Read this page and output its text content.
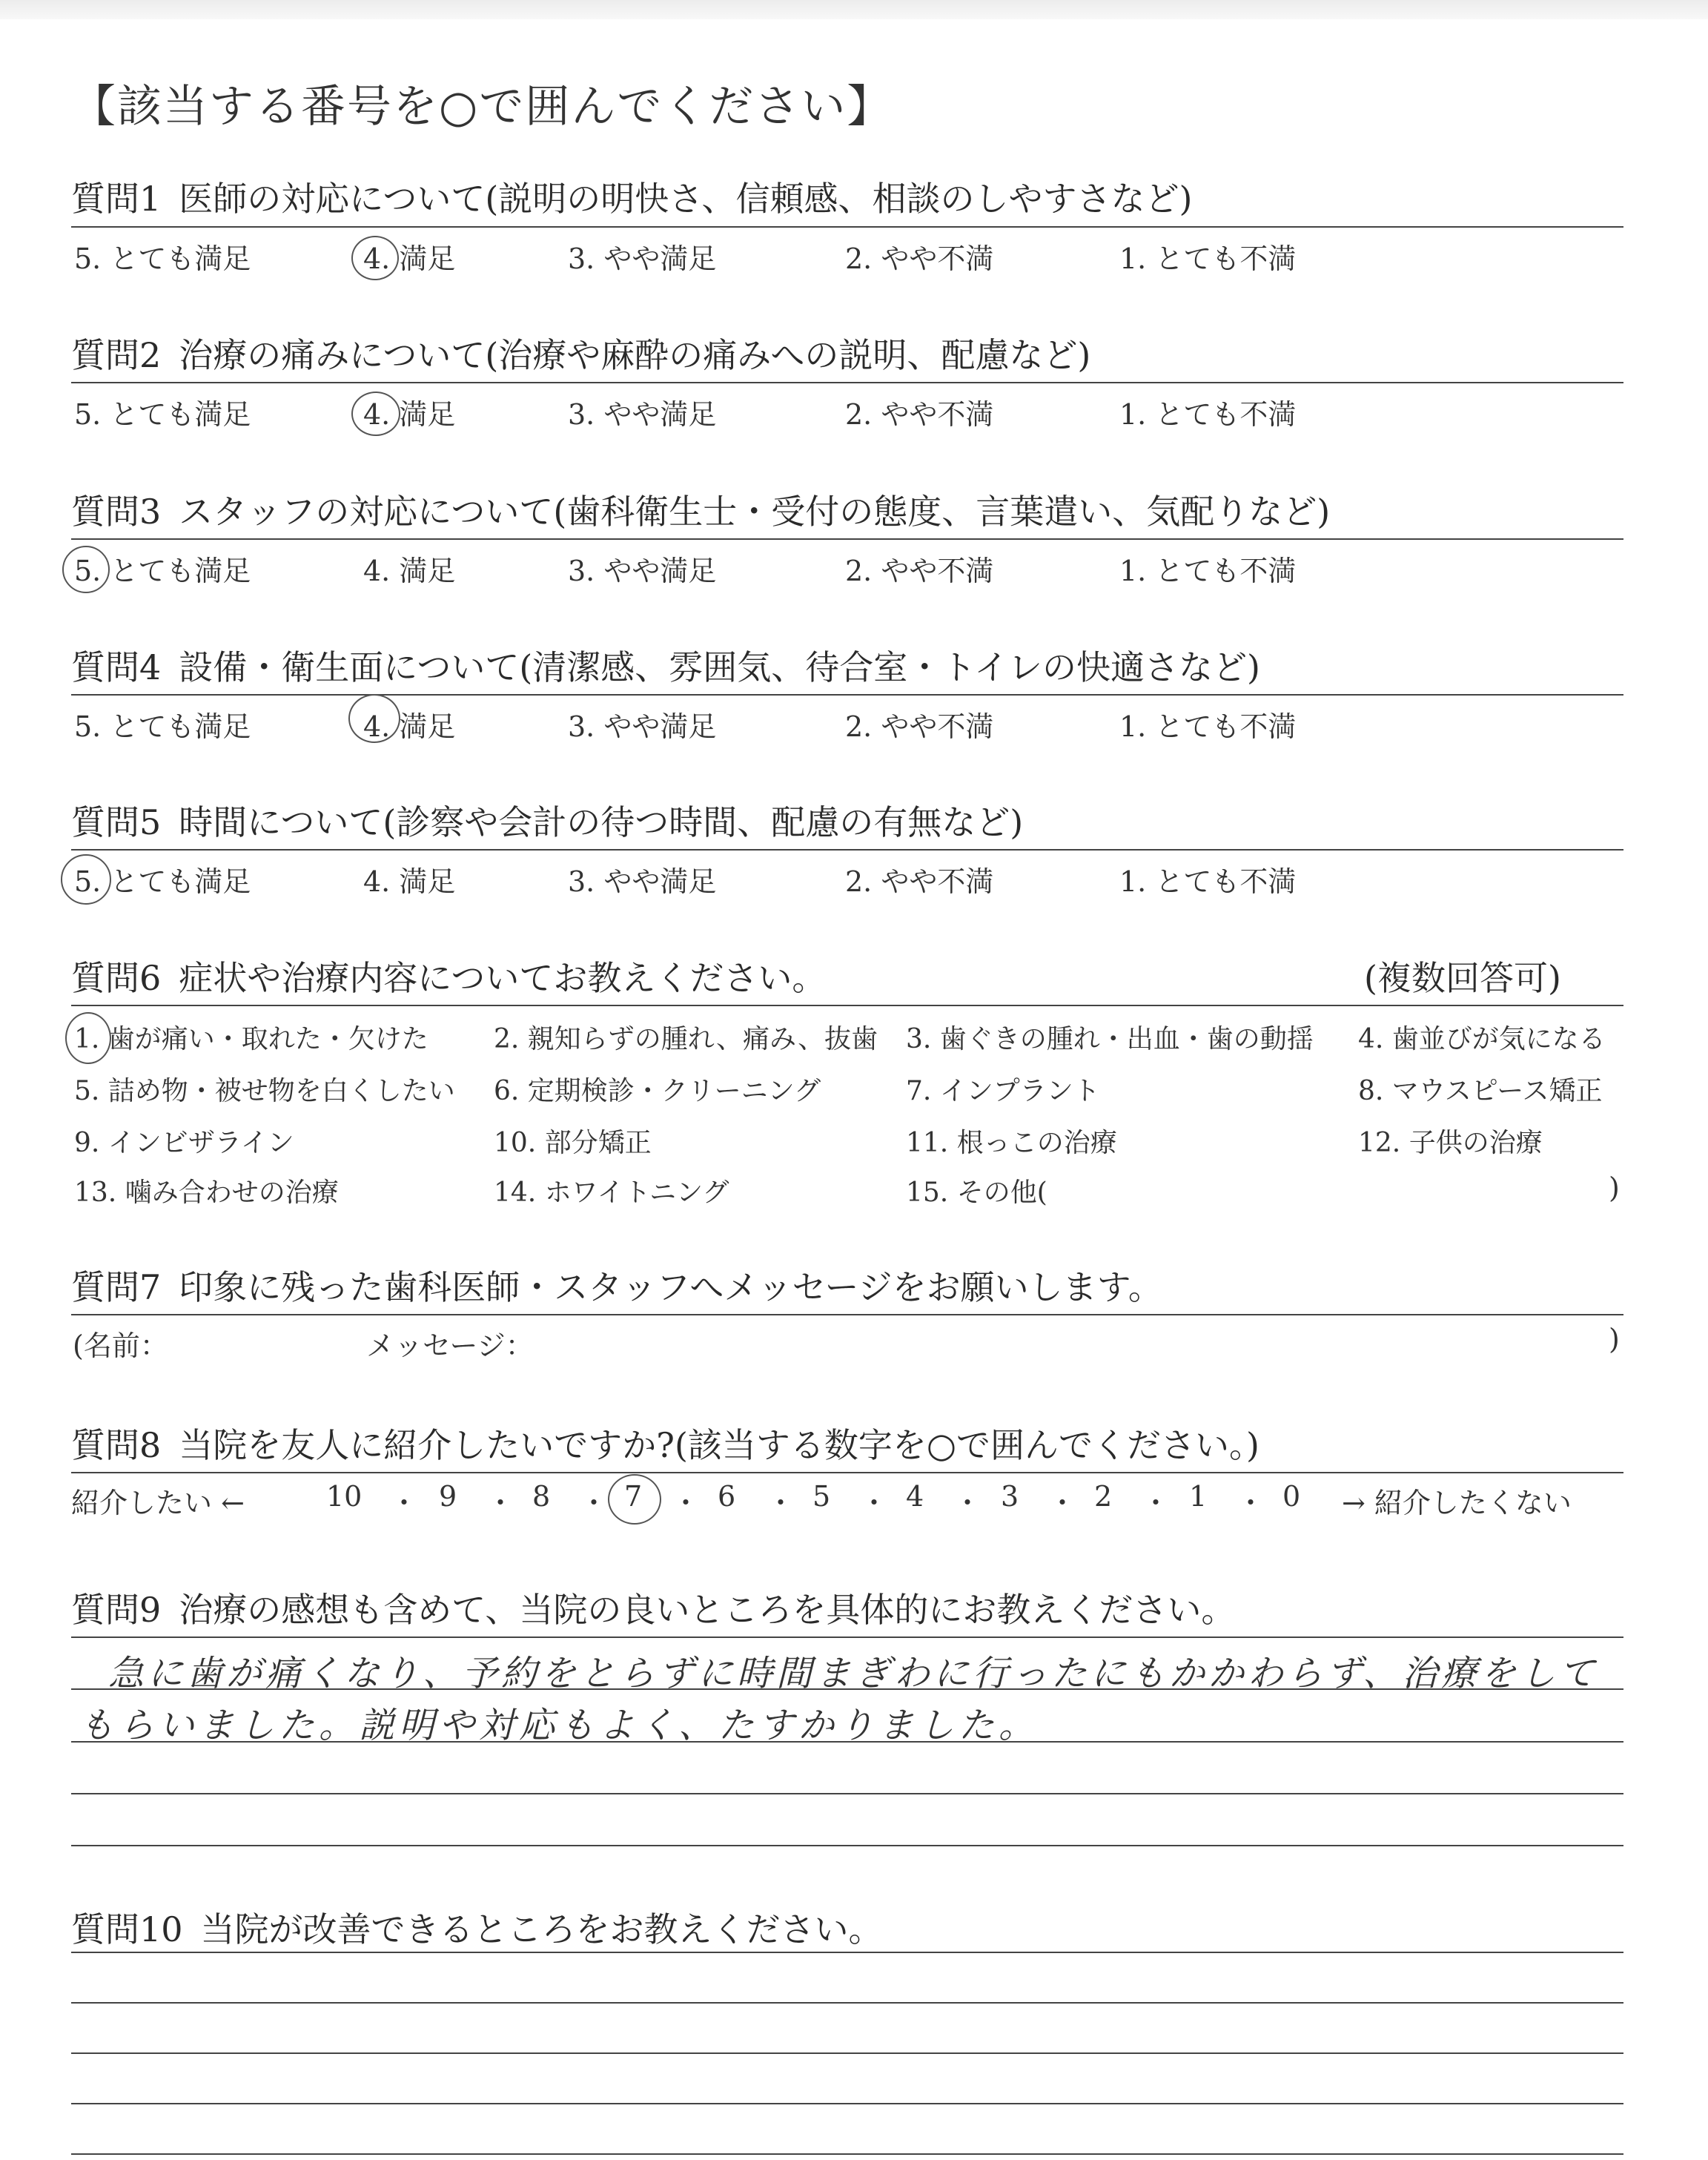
【該当する番号を○で囲んでください】
質問1 医師の対応について(説明の明快さ、信頼感、相談のしやすさなど)
5. とても満足	4. 満足	3. やや満足	2. やや不満	1. とても不満
質問2 治療の痛みについて(治療や麻酔の痛みへの説明、配慮など)
5. とても満足	4. 満足	3. やや満足	2. やや不満	1. とても不満
質問3 スタッフの対応について(歯科衛生士・受付の態度、言葉遣い、気配りなど)
5. とても満足	4. 満足	3. やや満足	2. やや不満	1. とても不満
質問4 設備・衛生面について(清潔感、雰囲気、待合室・トイレの快適さなど)
5. とても満足	4. 満足	3. やや満足	2. やや不満	1. とても不満
質問5 時間について(診察や会計の待つ時間、配慮の有無など)
5. とても満足	4. 満足	3. やや満足	2. やや不満	1. とても不満
質問6 症状や治療内容についてお教えください。	(複数回答可)
1. 歯が痛い・取れた・欠けた 2. 親知らずの腫れ、痛み、抜歯 3. 歯ぐきの腫れ・出血・歯の動揺 4. 歯並びが気になる
5. 詰め物・被せ物を白くしたい 6. 定期検診・クリーニング	7. インプラント	8. マウスピース矯正
9. インビザライン	10. 部分矯正	11. 根っこの治療	12. 子供の治療
13. 噛み合わせの治療	14. ホワイトニング	15. その他(	)
質問7 印象に残った歯科医師・スタッフへメッセージをお願いします。
(名前：	メッセージ：	)
質問8 当院を友人に紹介したいですか?(該当する数字を○で囲んでください。)
紹介したい ←	10 ・ 9 ・ 8 ・ 7 ・ 6 ・ 5 ・ 4 ・ 3 ・ 2 ・ 1 ・ 0 → 紹介したくない
質問9 治療の感想も含めて、当院の良いところを具体的にお教えください。
急に歯が痛くなり、予約をとらずに時間まぎわに行ったにもかかわらず、治療をして
もらいました。説明や対応もよく、たすかりました。
質問10 当院が改善できるところをお教えください。
